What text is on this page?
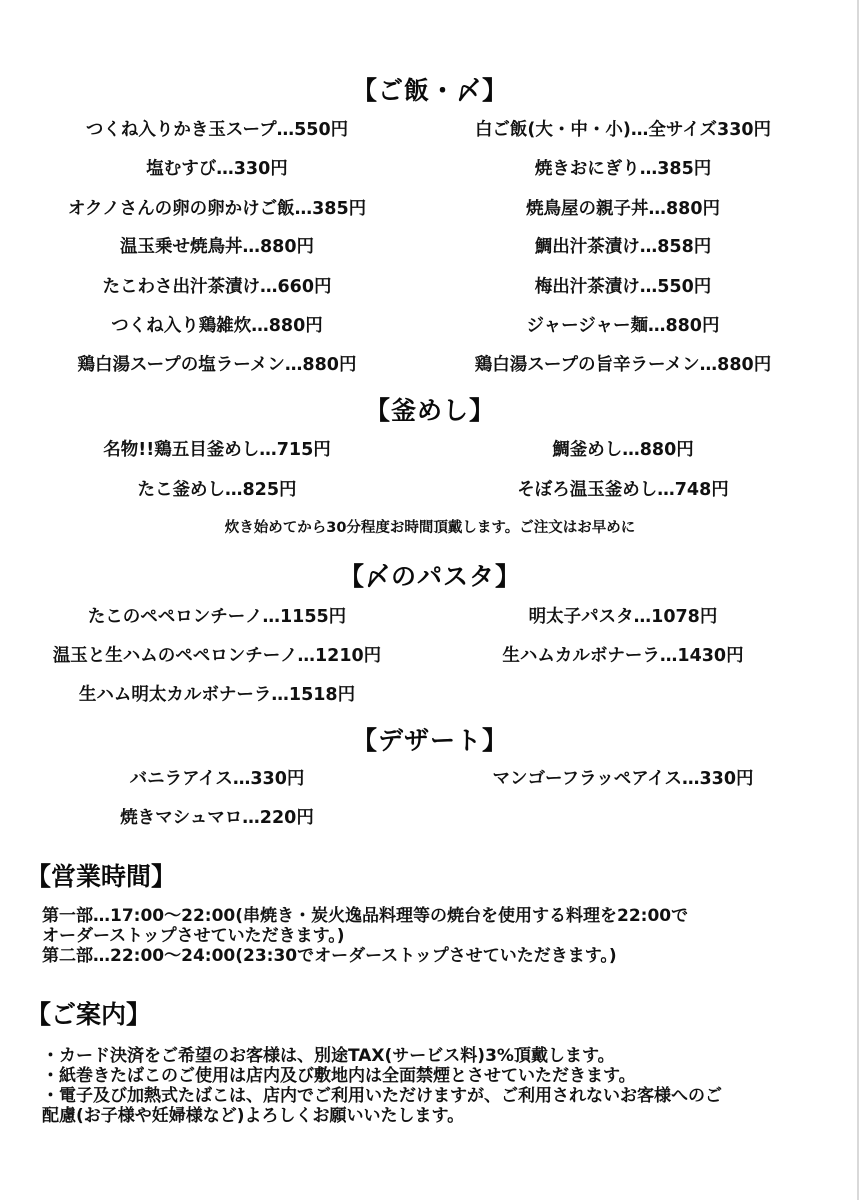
【ご飯・〆】
つくね入りかき玉スープ…550円	白ご飯(大・中・小)…全サイズ330円
塩むすび…330円	焼きおにぎり…385円
オクノさんの卵の卵かけご飯…385円	焼鳥屋の親子丼…880円
温玉乗せ焼鳥丼…880円	鯛出汁茶漬け…858円
たこわさ出汁茶漬け…660円	梅出汁茶漬け…550円
つくね入り鶏雑炊…880円	ジャージャー麺…880円
鶏白湯スープの塩ラーメン…880円	鶏白湯スープの旨辛ラーメン…880円
【釜めし】
名物!!鶏五目釜めし…715円	鯛釜めし…880円
たこ釜めし…825円	そぼろ温玉釜めし…748円
炊き始めてから30分程度お時間頂戴します。ご注文はお早めに
【〆のパスタ】
たこのペペロンチーノ…1155円	明太子パスタ…1078円
温玉と生ハムのペペロンチーノ…1210円	生ハムカルボナーラ…1430円
生ハム明太カルボナーラ…1518円
【デザート】
バニラアイス…330円	マンゴーフラッペアイス…330円
焼きマシュマロ…220円
【営業時間】
第一部…17:00～22:00(串焼き・炭火逸品料理等の焼台を使用する料理を22:00で
オーダーストップさせていただきます。)
第二部…22:00～24:00(23:30でオーダーストップさせていただきます。)
【ご案内】
・カード決済をご希望のお客様は、別途TAX(サービス料)3%頂戴します。
・紙巻きたばこのご使用は店内及び敷地内は全面禁煙とさせていただきます。
・電子及び加熱式たばこは、店内でご利用いただけますが、ご利用されないお客様へのご
配慮(お子様や妊婦様など)よろしくお願いいたします。
